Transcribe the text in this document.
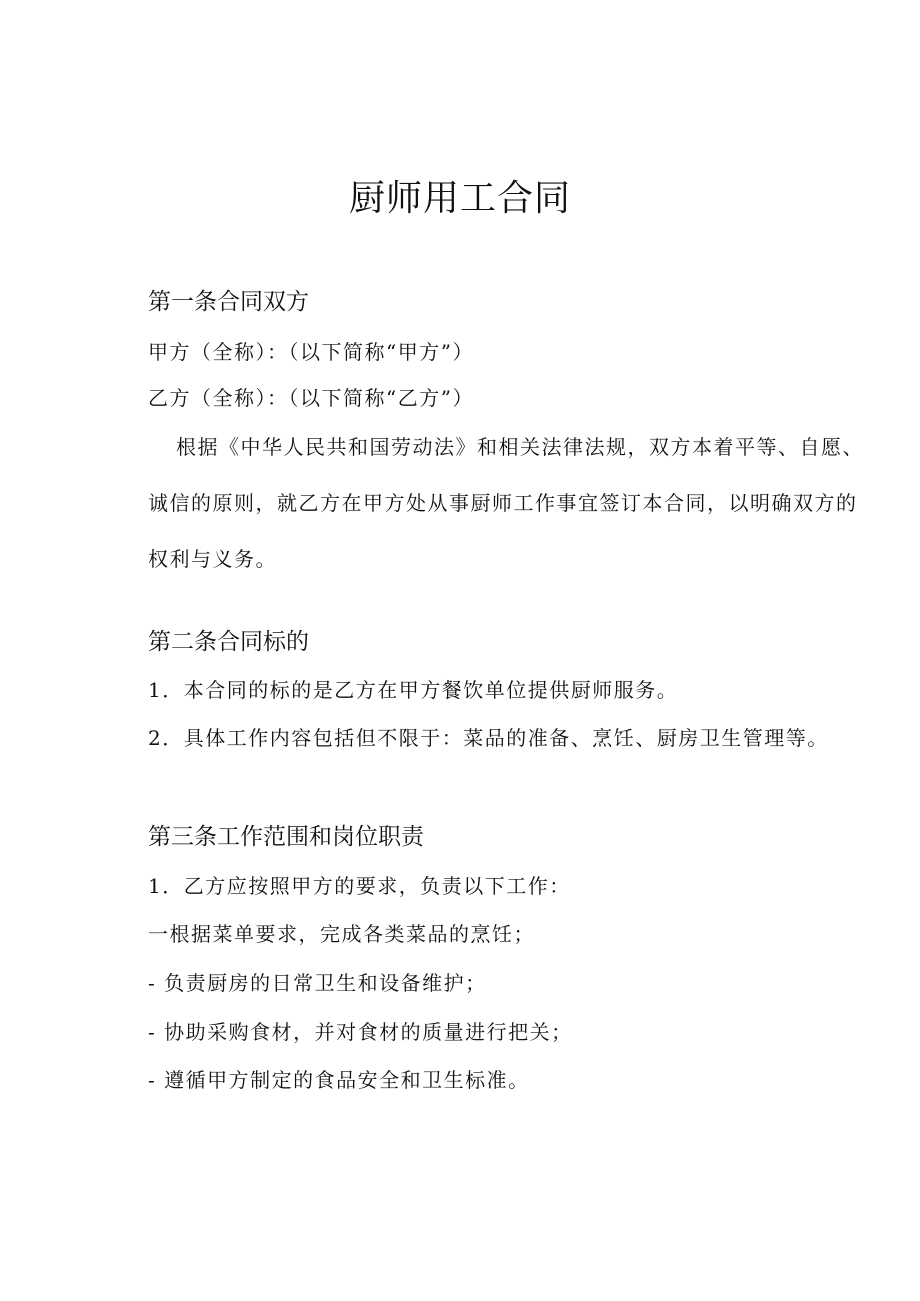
厨师用工合同
第一条合同双方

甲方（全称）：（以下简称“甲方”）

乙方（全称）：（以下简称“乙方”）

根据《中华人民共和国劳动法》和相关法律法规，双方本着平等、自愿、
诚信的原则，就乙方在甲方处从事厨师工作事宜签订本合同，以明确双方的
权利与义务。
第二条合同标的

1．本合同的标的是乙方在甲方餐饮单位提供厨师服务。

2．具体工作内容包括但不限于：菜品的准备、烹饪、厨房卫生管理等。

第三条工作范围和岗位职责

1．乙方应按照甲方的要求，负责以下工作：

一根据菜单要求，完成各类菜品的烹饪；

- 负责厨房的日常卫生和设备维护；

- 协助采购食材，并对食材的质量进行把关；

- 遵循甲方制定的食品安全和卫生标准。
